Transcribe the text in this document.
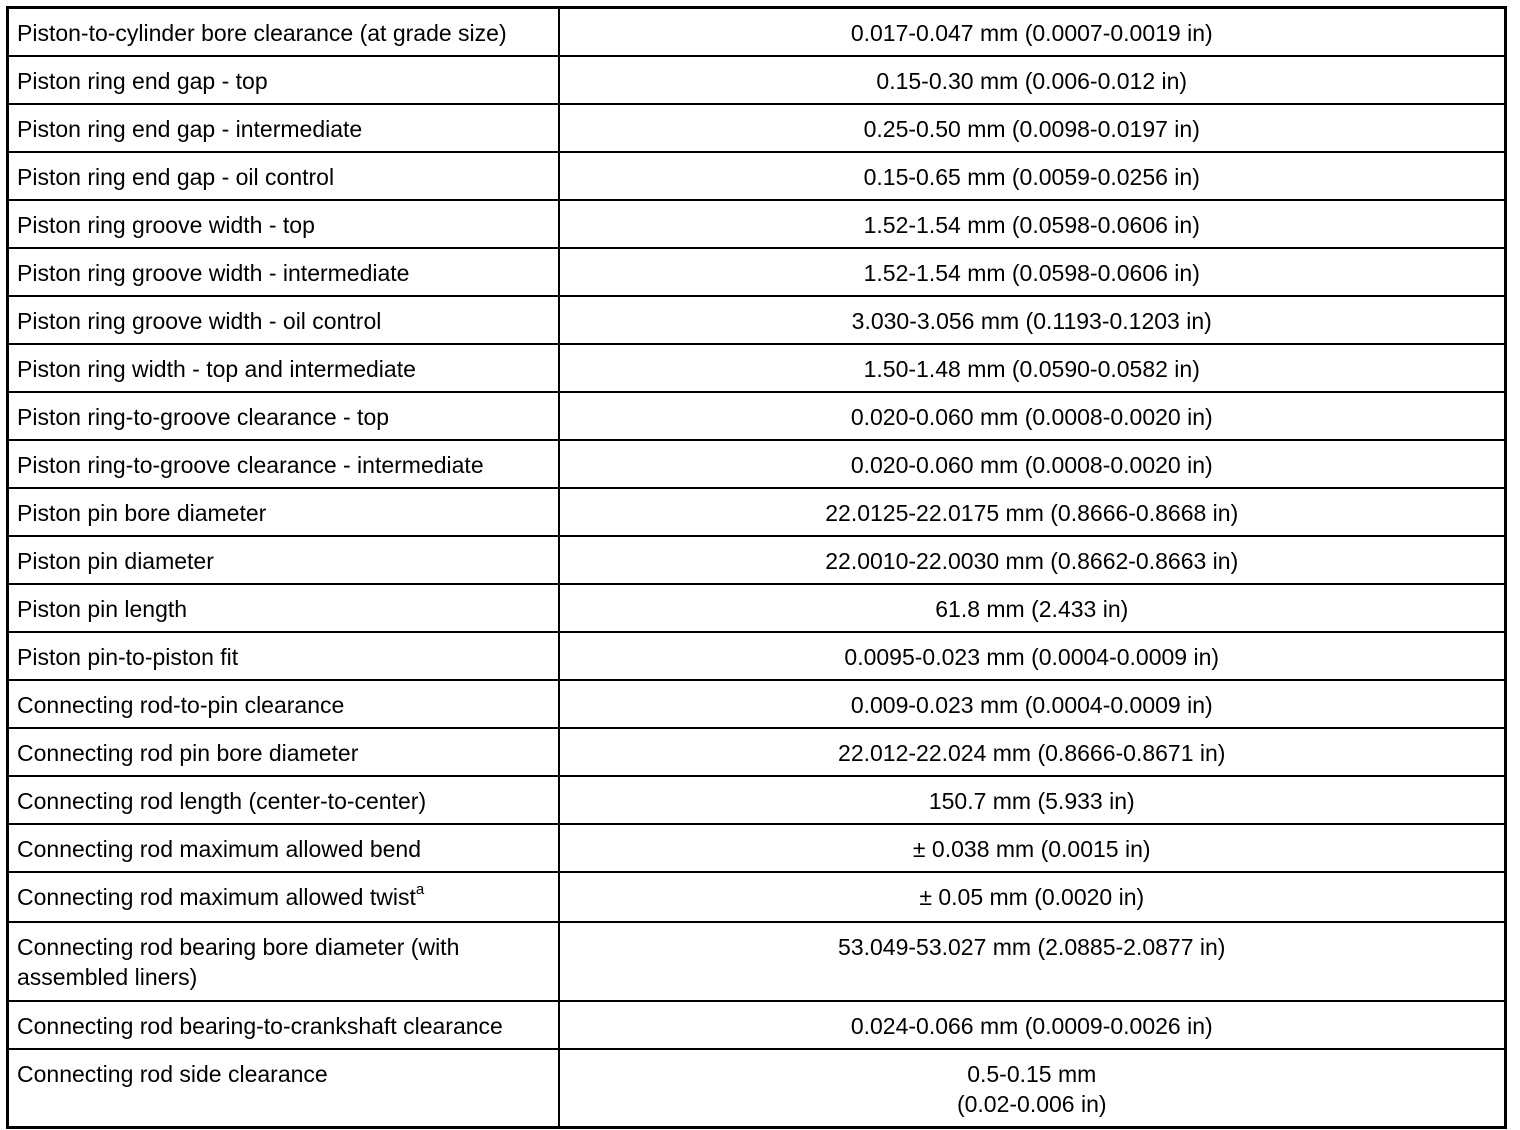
Piston-to-cylinder bore clearance (at grade size)	0.017-0.047 mm (0.0007-0.0019 in)
Piston ring end gap - top	0.15-0.30 mm (0.006-0.012 in)
Piston ring end gap - intermediate	0.25-0.50 mm (0.0098-0.0197 in)
Piston ring end gap - oil control	0.15-0.65 mm (0.0059-0.0256 in)
Piston ring groove width - top	1.52-1.54 mm (0.0598-0.0606 in)
Piston ring groove width - intermediate	1.52-1.54 mm (0.0598-0.0606 in)
Piston ring groove width - oil control	3.030-3.056 mm (0.1193-0.1203 in)
Piston ring width - top and intermediate	1.50-1.48 mm (0.0590-0.0582 in)
Piston ring-to-groove clearance - top	0.020-0.060 mm (0.0008-0.0020 in)
Piston ring-to-groove clearance - intermediate	0.020-0.060 mm (0.0008-0.0020 in)
Piston pin bore diameter	22.0125-22.0175 mm (0.8666-0.8668 in)
Piston pin diameter	22.0010-22.0030 mm (0.8662-0.8663 in)
Piston pin length	61.8 mm (2.433 in)
Piston pin-to-piston fit	0.0095-0.023 mm (0.0004-0.0009 in)
Connecting rod-to-pin clearance	0.009-0.023 mm (0.0004-0.0009 in)
Connecting rod pin bore diameter	22.012-22.024 mm (0.8666-0.8671 in)
Connecting rod length (center-to-center)	150.7 mm (5.933 in)
Connecting rod maximum allowed bend	± 0.038 mm (0.0015 in)
Connecting rod maximum allowed twist$^a$	± 0.05 mm (0.0020 in)
Connecting rod bearing bore diameter (with assembled liners)	53.049-53.027 mm (2.0885-2.0877 in)
Connecting rod bearing-to-crankshaft clearance	0.024-0.066 mm (0.0009-0.0026 in)
Connecting rod side clearance	0.5-0.15 mm
(0.02-0.006 in)
